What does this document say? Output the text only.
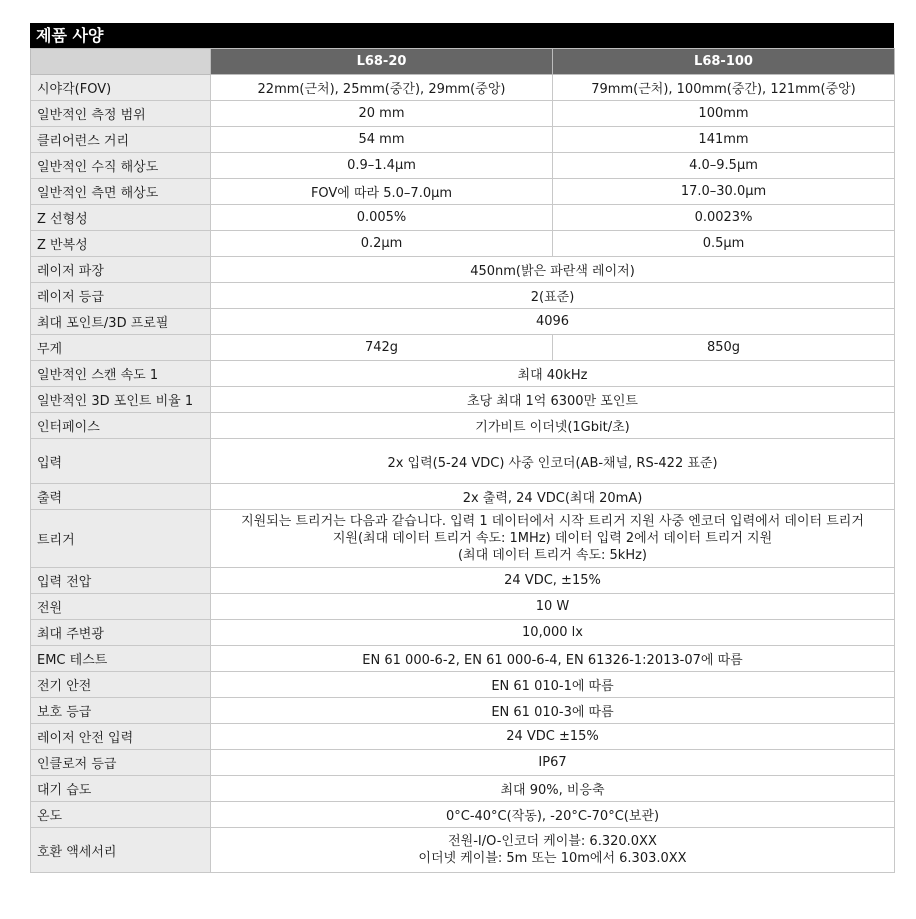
제품 사양
	L68-20	L68-100
시야각(FOV)	22mm(근처), 25mm(중간), 29mm(중앙)	79mm(근처), 100mm(중간), 121mm(중앙)
일반적인 측정 범위	20 mm	100mm
클리어런스 거리	54 mm	141mm
일반적인 수직 해상도	0.9–1.4µm	4.0–9.5µm
일반적인 측면 해상도	FOV에 따라 5.0–7.0µm	17.0–30.0µm
Z 선형성	0.005%	0.0023%
Z 반복성	0.2µm	0.5µm
레이저 파장	450nm(밝은 파란색 레이저)	
레이저 등급	2(표준)	
최대 포인트/3D 프로필	4096	
무게	742g	850g
일반적인 스캔 속도 1	최대 40kHz	
일반적인 3D 포인트 비율 1	초당 최대 1억 6300만 포인트	
인터페이스	기가비트 이더넷(1Gbit/초)	
입력	2x 입력(5-24 VDC) 사중 인코더(AB-채널, RS-422 표준)	
출력	2x 출력, 24 VDC(최대 20mA)	
트리거	지원되는 트리거는 다음과 같습니다. 입력 1 데이터에서 시작 트리거 지원 사중 엔코더 입력에서 데이터 트리거
지원(최대 데이터 트리거 속도: 1MHz) 데이터 입력 2에서 데이터 트리거 지원
(최대 데이터 트리거 속도: 5kHz)	

입력 전압	24 VDC, ±15%	
전원	10 W	
최대 주변광	10,000 lx	
EMC 테스트	EN 61 000-6-2, EN 61 000-6-4, EN 61326-1:2013-07에 따름	
전기 안전	EN 61 010-1에 따름	
보호 등급	EN 61 010-3에 따름	
레이저 안전 입력	24 VDC ±15%	
인클로저 등급	IP67	
대기 습도	최대 90%, 비응축	
온도	0°C-40°C(작동), -20°C-70°C(보관)	
호환 액세서리	전원-I/O-인코더 케이블: 6.320.0XX
이더넷 케이블: 5m 또는 10m에서 6.303.0XX	
